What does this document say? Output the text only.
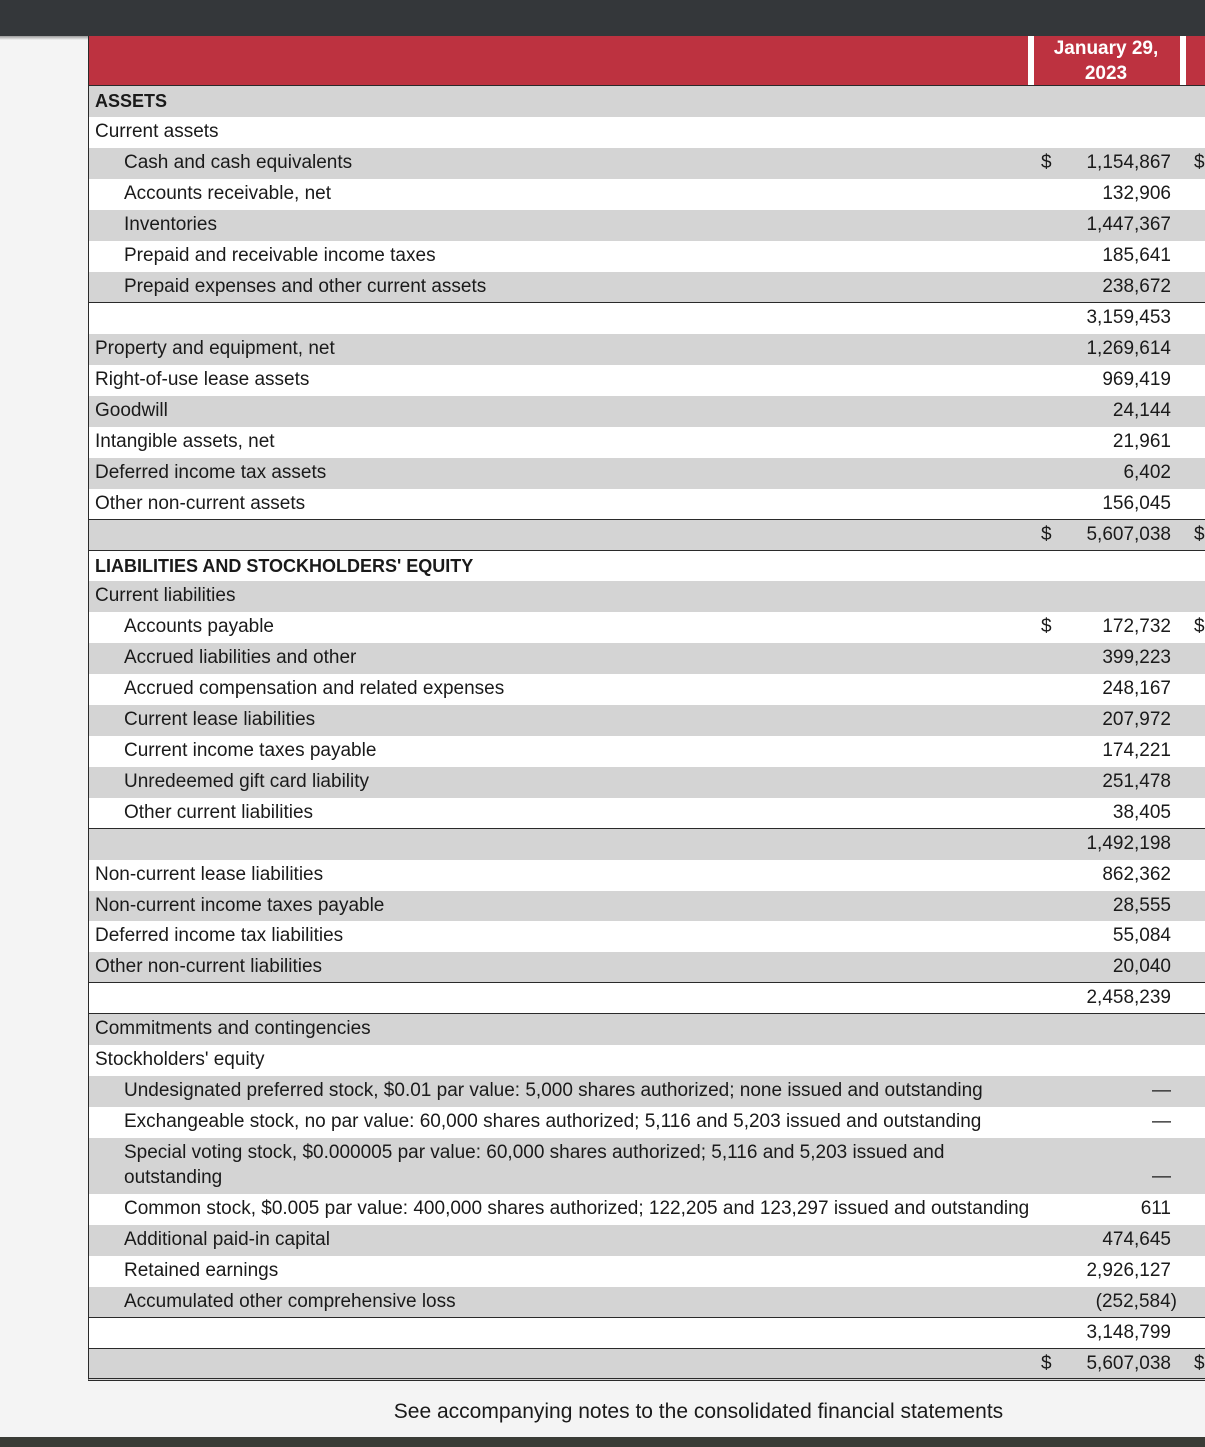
January 29,
2023
ASSETS
Current assets
Cash and cash equivalents	$ 1,154,867 $
Accounts receivable, net	132,906
Inventories	1,447,367
Prepaid and receivable income taxes	185,641
Prepaid expenses and other current assets	238,672
3,159,453
Property and equipment, net	1,269,614
Right-of-use lease assets	969,419
Goodwill	24,144
Intangible assets, net	21,961
Deferred income tax assets	6,402
Other non-current assets	156,045
$ 5,607,038 $
LIABILITIES AND STOCKHOLDERS' EQUITY
Current liabilities
Accounts payable	$	172,732 $
Accrued liabilities and other	399,223
Accrued compensation and related expenses	248,167
Current lease liabilities	207,972
Current income taxes payable	174,221
Unredeemed gift card liability	251,478
Other current liabilities	38,405
1,492,198
Non-current lease liabilities	862,362
Non-current income taxes payable	28,555
Deferred income tax liabilities	55,084
Other non-current liabilities	20,040
2,458,239
Commitments and contingencies
Stockholders' equity
Undesignated preferred stock, $0.01 par value: 5,000 shares authorized; none issued and outstanding	—
Exchangeable stock, no par value: 60,000 shares authorized; 5,116 and 5,203 issued and outstanding	—
Special voting stock, $0.000005 par value: 60,000 shares authorized; 5,116 and 5,203 issued and outstanding	—
Common stock, $0.005 par value: 400,000 shares authorized; 122,205 and 123,297 issued and outstanding	611
Additional paid-in capital	474,645
Retained earnings	2,926,127
Accumulated other comprehensive loss	(252,584)
3,148,799
$ 5,607,038 $
See accompanying notes to the consolidated financial statements
